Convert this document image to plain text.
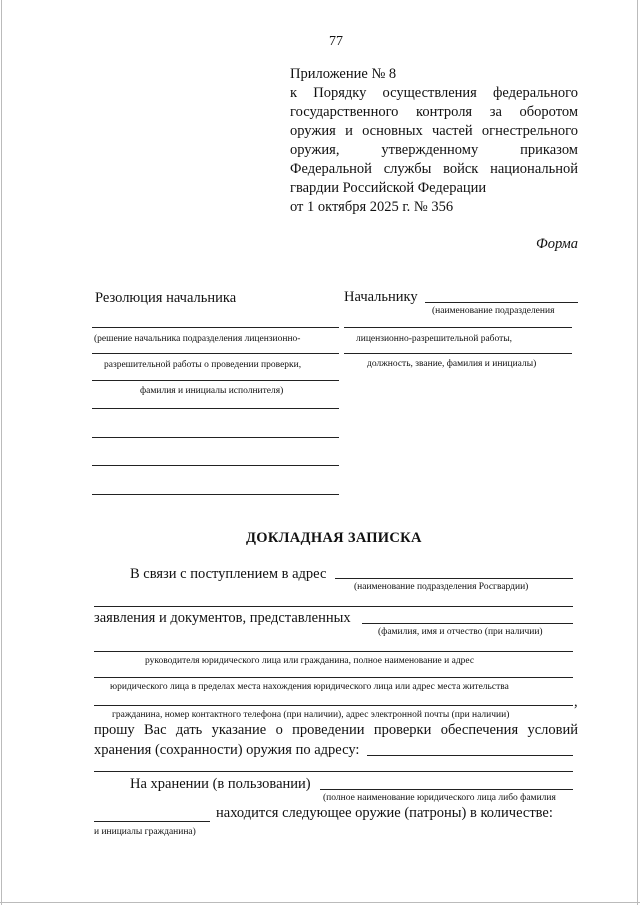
77
Приложение № 8
к Порядку осуществления федерального
государственного контроля за оборотом
оружия и основных частей огнестрельного
оружия,	утвержденному	приказом
Федеральной службы войск национальной
гвардии Российской Федерации
от 1 октября 2025 г. № 356
Форма
Резолюция начальника
(решение начальника подразделения лицензионно-
разрешительной работы о проведении проверки,
фамилия и инициалы исполнителя)
Начальнику
(наименование подразделения
лицензионно-разрешительной работы,
должность, звание, фамилия и инициалы)
ДОКЛАДНАЯ ЗАПИСКА
В связи с поступлением в адрес
(наименование подразделения Росгвардии)
заявления и документов, представленных
(фамилия, имя и отчество (при наличии)
руководителя юридического лица или гражданина, полное наименование и адрес
юридического лица в пределах места нахождения юридического лица или адрес места жительства
,
гражданина, номер контактного телефона (при наличии), адрес электронной почты (при наличии)
прошу Вас дать указание о проведении проверки обеспечения условий
хранения (сохранности) оружия по адресу:
На хранении (в пользовании)
(полное наименование юридического лица либо фамилия
находится следующее оружие (патроны) в количестве:
и инициалы гражданина)
